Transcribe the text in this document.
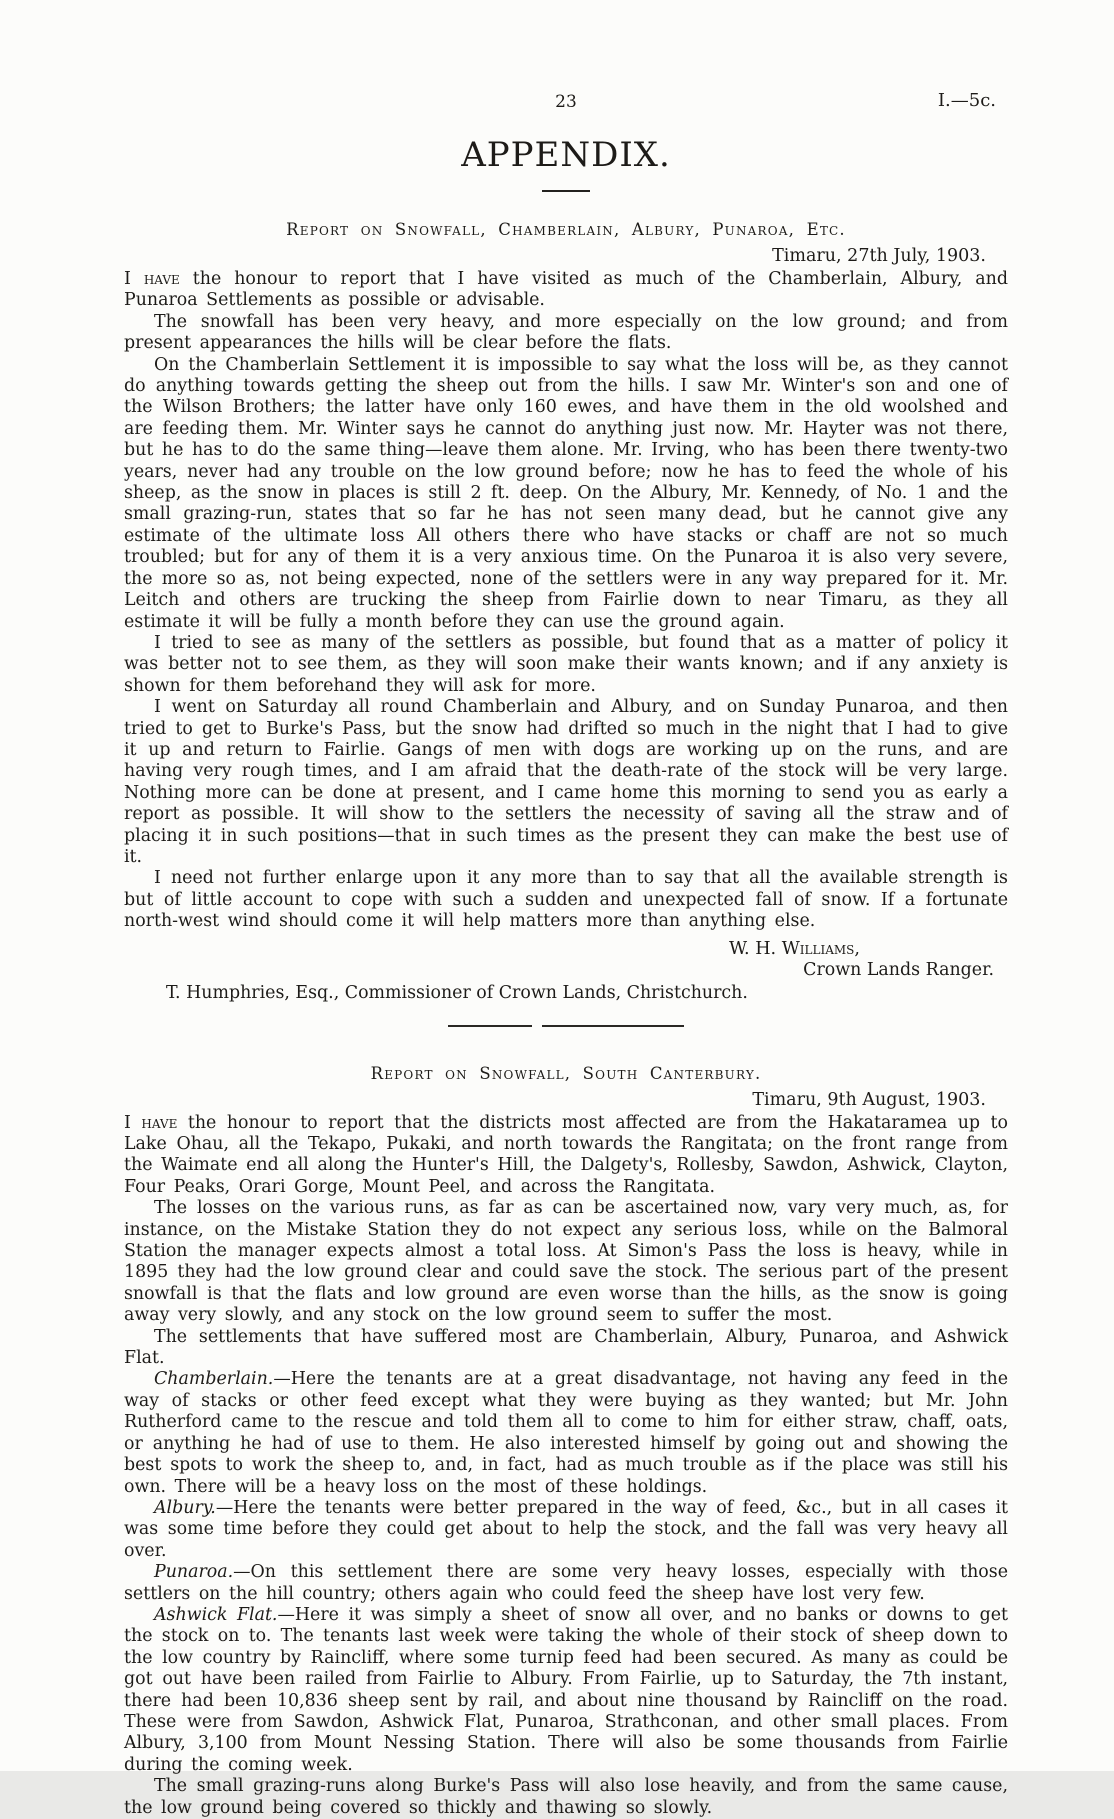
23	I.—5c.
APPENDIX.
Report on Snowfall, Chamberlain, Albury, Punaroa, Etc.
Timaru, 27th July, 1903.

I have the honour to report that I have visited as much of the Chamberlain, Albury, and Punaroa Settlements as possible or advisable.

The snowfall has been very heavy, and more especially on the low ground; and from present appearances the hills will be clear before the flats.

On the Chamberlain Settlement it is impossible to say what the loss will be, as they cannot do anything towards getting the sheep out from the hills. I saw Mr. Winter's son and one of the Wilson Brothers; the latter have only 160 ewes, and have them in the old woolshed and are feeding them. Mr. Winter says he cannot do anything just now. Mr. Hayter was not there, but he has to do the same thing—leave them alone. Mr. Irving, who has been there twenty-two years, never had any trouble on the low ground before; now he has to feed the whole of his sheep, as the snow in places is still 2 ft. deep. On the Albury, Mr. Kennedy, of No. 1 and the small grazing-run, states that so far he has not seen many dead, but he cannot give any estimate of the ultimate loss All others there who have stacks or chaff are not so much troubled; but for any of them it is a very anxious time. On the Punaroa it is also very severe, the more so as, not being expected, none of the settlers were in any way prepared for it. Mr. Leitch and others are trucking the sheep from Fairlie down to near Timaru, as they all estimate it will be fully a month before they can use the ground again.

I tried to see as many of the settlers as possible, but found that as a matter of policy it was better not to see them, as they will soon make their wants known; and if any anxiety is shown for them beforehand they will ask for more.

I went on Saturday all round Chamberlain and Albury, and on Sunday Punaroa, and then tried to get to Burke's Pass, but the snow had drifted so much in the night that I had to give it up and return to Fairlie. Gangs of men with dogs are working up on the runs, and are having very rough times, and I am afraid that the death-rate of the stock will be very large. Nothing more can be done at present, and I came home this morning to send you as early a report as possible. It will show to the settlers the necessity of saving all the straw and of placing it in such positions—that in such times as the present they can make the best use of it.

I need not further enlarge upon it any more than to say that all the available strength is but of little account to cope with such a sudden and unexpected fall of snow. If a fortunate north-west wind should come it will help matters more than anything else.

W. H. Williams,
Crown Lands Ranger.
T. Humphries, Esq., Commissioner of Crown Lands, Christchurch.
Report on Snowfall, South Canterbury.
Timaru, 9th August, 1903.

I have the honour to report that the districts most affected are from the Hakataramea up to Lake Ohau, all the Tekapo, Pukaki, and north towards the Rangitata; on the front range from the Waimate end all along the Hunter's Hill, the Dalgety's, Rollesby, Sawdon, Ashwick, Clayton, Four Peaks, Orari Gorge, Mount Peel, and across the Rangitata.

The losses on the various runs, as far as can be ascertained now, vary very much, as, for instance, on the Mistake Station they do not expect any serious loss, while on the Balmoral Station the manager expects almost a total loss. At Simon's Pass the loss is heavy, while in 1895 they had the low ground clear and could save the stock. The serious part of the present snowfall is that the flats and low ground are even worse than the hills, as the snow is going away very slowly, and any stock on the low ground seem to suffer the most.

The settlements that have suffered most are Chamberlain, Albury, Punaroa, and Ashwick Flat.

Chamberlain.—Here the tenants are at a great disadvantage, not having any feed in the way of stacks or other feed except what they were buying as they wanted; but Mr. John Rutherford came to the rescue and told them all to come to him for either straw, chaff, oats, or anything he had of use to them. He also interested himself by going out and showing the best spots to work the sheep to, and, in fact, had as much trouble as if the place was still his own. There will be a heavy loss on the most of these holdings.

Albury.—Here the tenants were better prepared in the way of feed, &c., but in all cases it was some time before they could get about to help the stock, and the fall was very heavy all over.

Punaroa.—On this settlement there are some very heavy losses, especially with those settlers on the hill country; others again who could feed the sheep have lost very few.

Ashwick Flat.—Here it was simply a sheet of snow all over, and no banks or downs to get the stock on to. The tenants last week were taking the whole of their stock of sheep down to the low country by Raincliff, where some turnip feed had been secured. As many as could be got out have been railed from Fairlie to Albury. From Fairlie, up to Saturday, the 7th instant, there had been 10,836 sheep sent by rail, and about nine thousand by Raincliff on the road. These were from Sawdon, Ashwick Flat, Punaroa, Strathconan, and other small places. From Albury, 3,100 from Mount Nessing Station. There will also be some thousands from Fairlie during the coming week.

The small grazing-runs along Burke's Pass will also lose heavily, and from the same cause, the low ground being covered so thickly and thawing so slowly.
